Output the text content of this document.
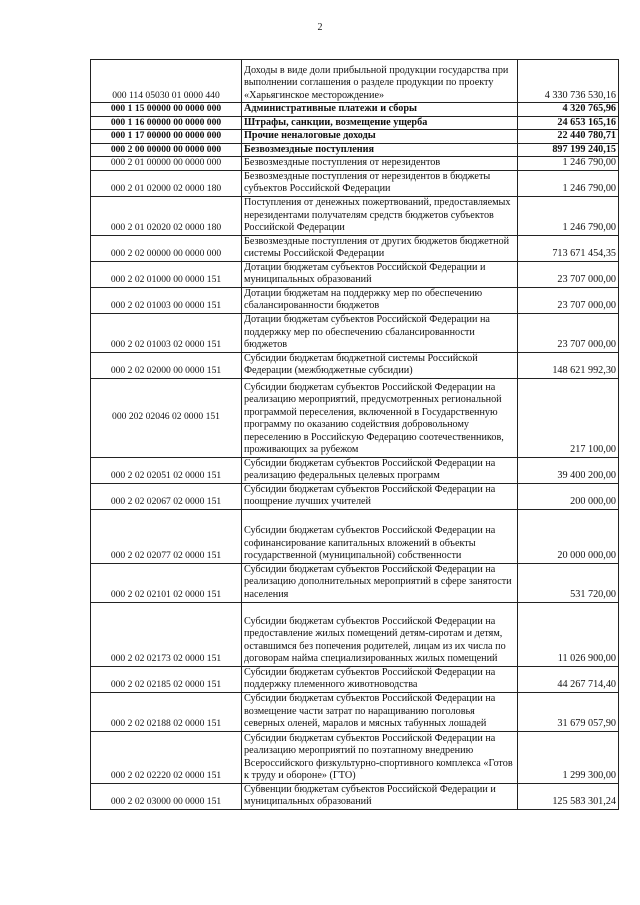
2
000 114 05030 01 0000 440	Доходы в виде доли прибыльной продукции государства при выполнении соглашения о разделе продукции по проекту «Харьягинское месторождение»	4 330 736 530,16
000 1 15 00000 00 0000 000	Административные платежи и сборы	4 320 765,96
000 1 16 00000 00 0000 000	Штрафы, санкции, возмещение ущерба	24 653 165,16
000 1 17 00000 00 0000 000	Прочие неналоговые доходы	22 440 780,71
000 2 00 00000 00 0000 000	Безвозмездные поступления	897 199 240,15
000 2 01 00000 00 0000 000	Безвозмездные поступления от нерезидентов	1 246 790,00
000 2 01 02000 02 0000 180	Безвозмездные поступления от нерезидентов в бюджеты субъектов Российской Федерации	1 246 790,00
000 2 01 02020 02 0000 180	Поступления от денежных пожертвований, предоставляемых нерезидентами получателям средств бюджетов субъектов Российской Федерации	1 246 790,00
000 2 02 00000 00 0000 000	Безвозмездные поступления от других бюджетов бюджетной системы Российской Федерации	713 671 454,35
000 2 02 01000 00 0000 151	Дотации бюджетам субъектов Российской Федерации и муниципальных образований	23 707 000,00
000 2 02 01003 00 0000 151	Дотации бюджетам на поддержку мер по обеспечению сбалансированности бюджетов	23 707 000,00
000 2 02 01003 02 0000 151	Дотации бюджетам субъектов Российской Федерации на поддержку мер по обеспечению сбалансированности бюджетов	23 707 000,00
000 2 02 02000 00 0000 151	Субсидии бюджетам бюджетной системы Российской Федерации (межбюджетные субсидии)	148 621 992,30
000 202 02046 02 0000 151	Субсидии бюджетам субъектов Российской Федерации на реализацию мероприятий, предусмотренных региональной программой переселения, включенной в Государственную программу по оказанию содействия добровольному переселению в Российскую Федерацию соотечественников, проживающих за рубежом	217 100,00
000 2 02 02051 02 0000 151	Субсидии бюджетам субъектов Российской Федерации на реализацию федеральных целевых программ	39 400 200,00
000 2 02 02067 02 0000 151	Субсидии бюджетам субъектов Российской Федерации на поощрение лучших учителей	200 000,00
000 2 02 02077 02 0000 151	Субсидии бюджетам субъектов Российской Федерации на софинансирование капитальных вложений в объекты государственной (муниципальной) собственности	20 000 000,00
000 2 02 02101 02 0000 151	Субсидии бюджетам субъектов Российской Федерации на реализацию дополнительных мероприятий в сфере занятости населения	531 720,00
000 2 02 02173 02 0000 151	Субсидии бюджетам субъектов Российской Федерации на предоставление жилых помещений детям-сиротам и детям, оставшимся без попечения родителей, лицам из их числа по договорам найма специализированных жилых помещений	11 026 900,00
000 2 02 02185 02 0000 151	Субсидии бюджетам субъектов Российской Федерации на поддержку племенного животноводства	44 267 714,40
000 2 02 02188 02 0000 151	Субсидии бюджетам субъектов Российской Федерации на возмещение части затрат по наращиванию поголовья северных оленей, маралов и мясных табунных лошадей	31 679 057,90
000 2 02 02220 02 0000 151	Субсидии бюджетам субъектов Российской Федерации на реализацию мероприятий по поэтапному внедрению Всероссийского физкультурно-спортивного комплекса «Готов к труду и обороне» (ГТО)	1 299 300,00
000 2 02 03000 00 0000 151	Субвенции бюджетам субъектов Российской Федерации и муниципальных образований	125 583 301,24
